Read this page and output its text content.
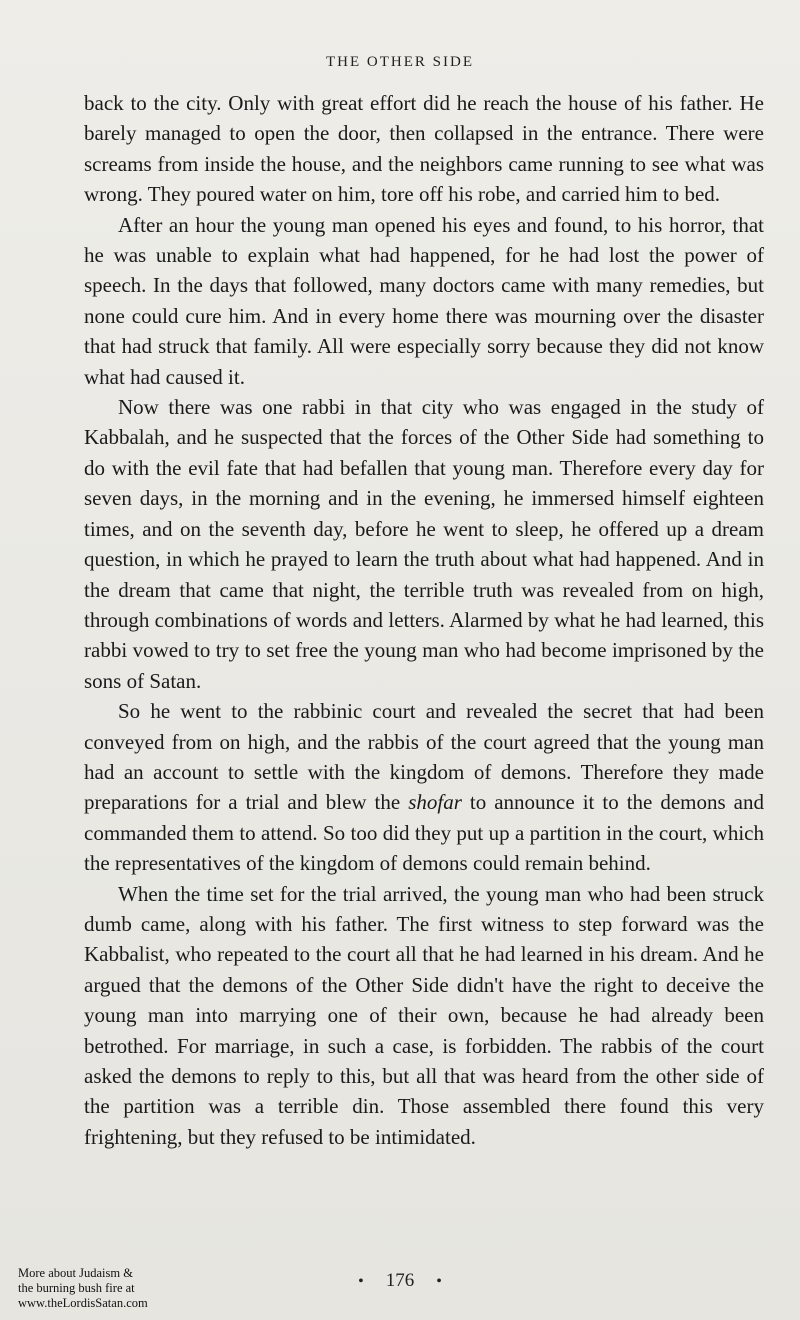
THE OTHER SIDE

back to the city. Only with great effort did he reach the house of his father. He barely managed to open the door, then collapsed in the entrance. There were screams from inside the house, and the neighbors came running to see what was wrong. They poured water on him, tore off his robe, and carried him to bed.

After an hour the young man opened his eyes and found, to his horror, that he was unable to explain what had happened, for he had lost the power of speech. In the days that followed, many doctors came with many remedies, but none could cure him. And in every home there was mourning over the disaster that had struck that family. All were especially sorry because they did not know what had caused it.

Now there was one rabbi in that city who was engaged in the study of Kabbalah, and he suspected that the forces of the Other Side had something to do with the evil fate that had befallen that young man. Therefore every day for seven days, in the morning and in the evening, he immersed himself eighteen times, and on the seventh day, before he went to sleep, he offered up a dream question, in which he prayed to learn the truth about what had happened. And in the dream that came that night, the terrible truth was revealed from on high, through combinations of words and letters. Alarmed by what he had learned, this rabbi vowed to try to set free the young man who had become imprisoned by the sons of Satan.

So he went to the rabbinic court and revealed the secret that had been conveyed from on high, and the rabbis of the court agreed that the young man had an account to settle with the kingdom of demons. Therefore they made preparations for a trial and blew the shofar to announce it to the demons and commanded them to attend. So too did they put up a partition in the court, which the representatives of the kingdom of demons could remain behind.

When the time set for the trial arrived, the young man who had been struck dumb came, along with his father. The first witness to step forward was the Kabbalist, who repeated to the court all that he had learned in his dream. And he argued that the demons of the Other Side didn't have the right to deceive the young man into marrying one of their own, because he had already been betrothed. For marriage, in such a case, is forbidden. The rabbis of the court asked the demons to reply to this, but all that was heard from the other side of the partition was a terrible din. Those assembled there found this very frightening, but they refused to be intimidated.

• 176 •
More about Judaism &
the burning bush fire at
www.theLordisSatan.com
